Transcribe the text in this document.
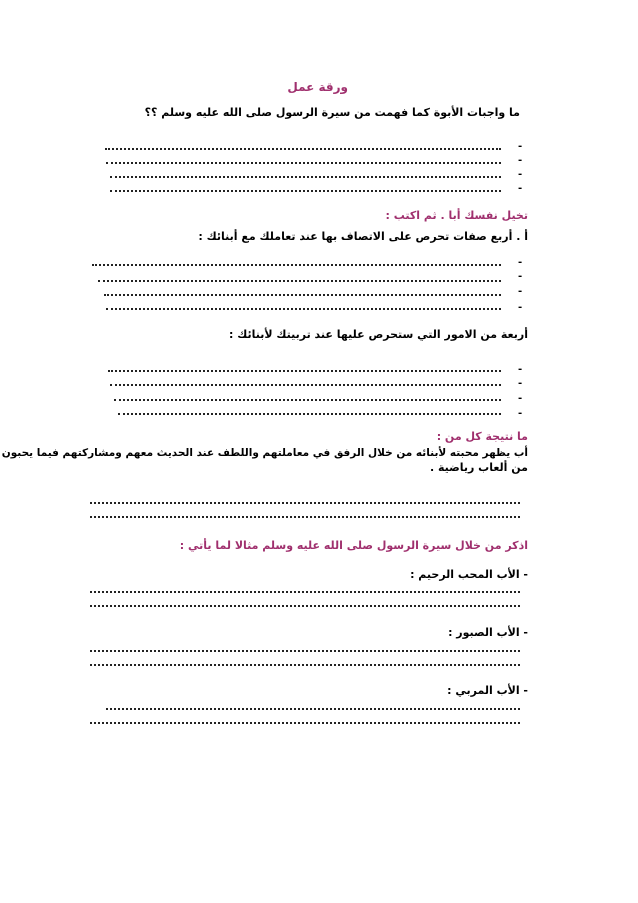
ورقة عمل
ما واجبات الأبوة كما فهمت من سيرة الرسول صلى الله عليه وسلم ؟؟
-
-
-
-
تخيل نفسك أبا . ثم اكتب :
أ . أربع صفات تحرص على الاتصاف بها عند تعاملك مع أبنائك :
-
-
-
-
أربعة من الامور التي ستحرص عليها عند تربيتك لأبنائك :
-
-
-
-
ما نتيجة كل من :
أب يظهر محبته لأبنائه من خلال الرفق في معاملتهم واللطف عند الحديث معهم ومشاركتهم فيما يحبون
من ألعاب رياضية .
اذكر من خلال سيرة الرسول صلى الله عليه وسلم مثالا لما يأتي :
- الأب المحب الرحيم :
- الأب الصبور :
- الأب المربي :
